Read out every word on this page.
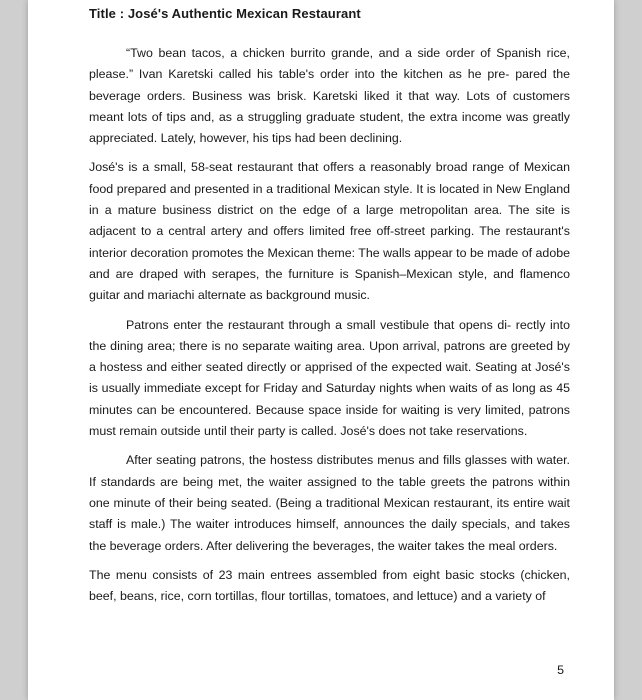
Title : José's Authentic Mexican Restaurant

“Two bean tacos, a chicken burrito grande, and a side order of Spanish rice, please.” Ivan Karetski called his table's order into the kitchen as he pre- pared the beverage orders. Business was brisk. Karetski liked it that way. Lots of customers meant lots of tips and, as a struggling graduate student, the extra income was greatly appreciated. Lately, however, his tips had been declining.

José's is a small, 58-seat restaurant that offers a reasonably broad range of Mexican food prepared and presented in a traditional Mexican style. It is located in New England in a mature business district on the edge of a large metropolitan area. The site is adjacent to a central artery and offers limited free off-street parking. The restaurant's interior decoration promotes the Mexican theme: The walls appear to be made of adobe and are draped with serapes, the furniture is Spanish–Mexican style, and flamenco guitar and mariachi alternate as background music.

Patrons enter the restaurant through a small vestibule that opens di- rectly into the dining area; there is no separate waiting area. Upon arrival, patrons are greeted by a hostess and either seated directly or apprised of the expected wait. Seating at José's is usually immediate except for Friday and Saturday nights when waits of as long as 45 minutes can be encountered. Because space inside for waiting is very limited, patrons must remain outside until their party is called. José's does not take reservations.

After seating patrons, the hostess distributes menus and fills glasses with water. If standards are being met, the waiter assigned to the table greets the patrons within one minute of their being seated. (Being a traditional Mexican restaurant, its entire wait staff is male.) The waiter introduces himself, announces the daily specials, and takes the beverage orders. After delivering the beverages, the waiter takes the meal orders.

The menu consists of 23 main entrees assembled from eight basic stocks (chicken, beef, beans, rice, corn tortillas, flour tortillas, tomatoes, and lettuce) and a variety of

5
